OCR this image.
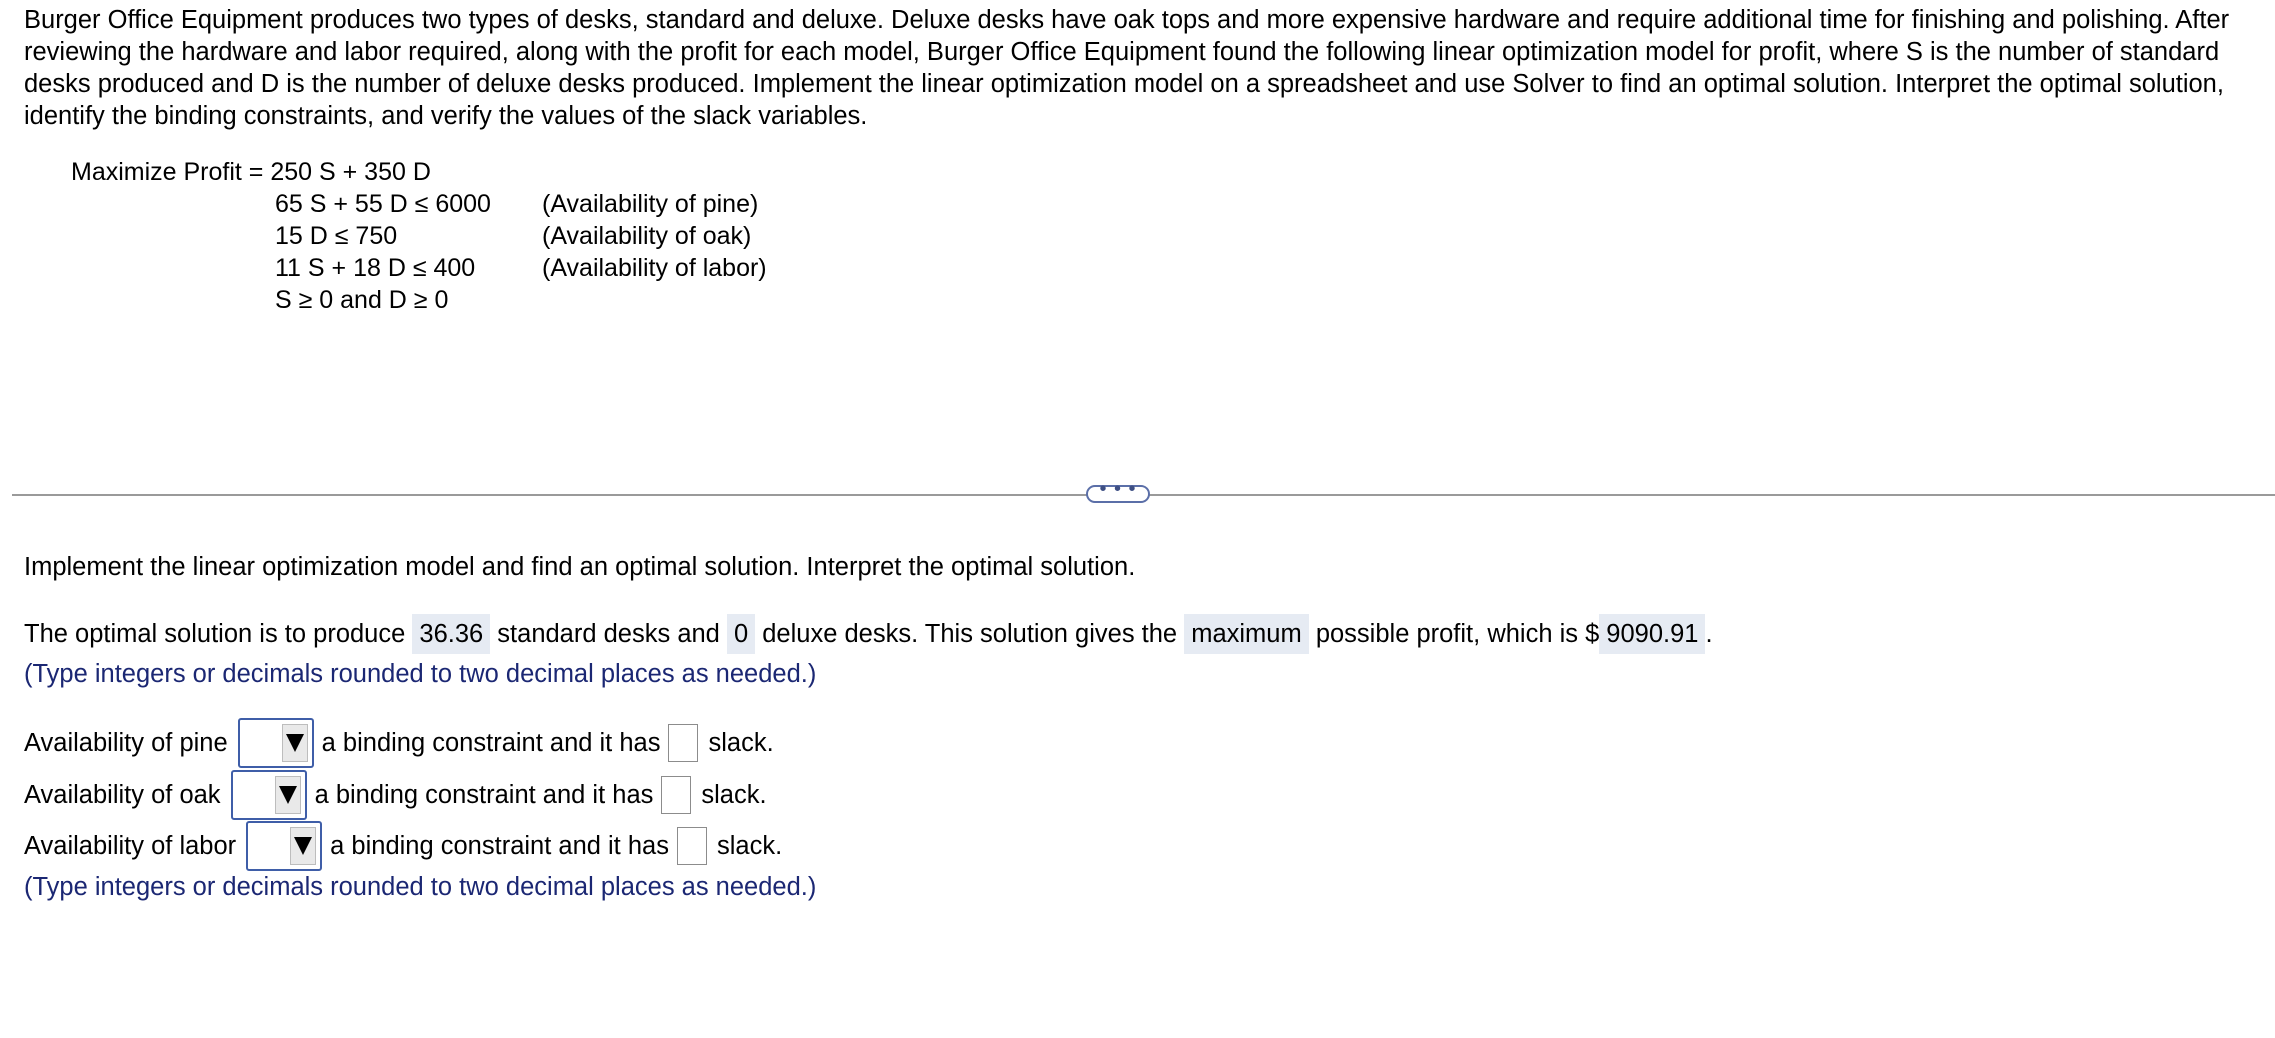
Burger Office Equipment produces two types of desks, standard and deluxe. Deluxe desks have oak tops and more expensive hardware and require additional time for finishing and polishing. After reviewing the hardware and labor required, along with the profit for each model, Burger Office Equipment found the following linear optimization model for profit, where S is the number of standard desks produced and D is the number of deluxe desks produced. Implement the linear optimization model on a spreadsheet and use Solver to find an optimal solution. Interpret the optimal solution, identify the binding constraints, and verify the values of the slack variables.
Maximize Profit = 250 S + 350 D
65 S + 55 D ≤ 6000 (Availability of pine)
15 D ≤ 750	(Availability of oak)
11 S + 18 D ≤ 400	(Availability of labor)
S ≥ 0 and D ≥ 0
• • •
Implement the linear optimization model and find an optimal solution. Interpret the optimal solution.
The optimal solution is to produce 36.36 standard desks and 0 deluxe desks. This solution gives the maximum possible profit, which is $ 9090.91 .
(Type integers or decimals rounded to two decimal places as needed.)
Availability of pine	a binding constraint and it has slack.
Availability of oak	a binding constraint and it has slack.
Availability of labor	a binding constraint and it has slack.
(Type integers or decimals rounded to two decimal places as needed.)
